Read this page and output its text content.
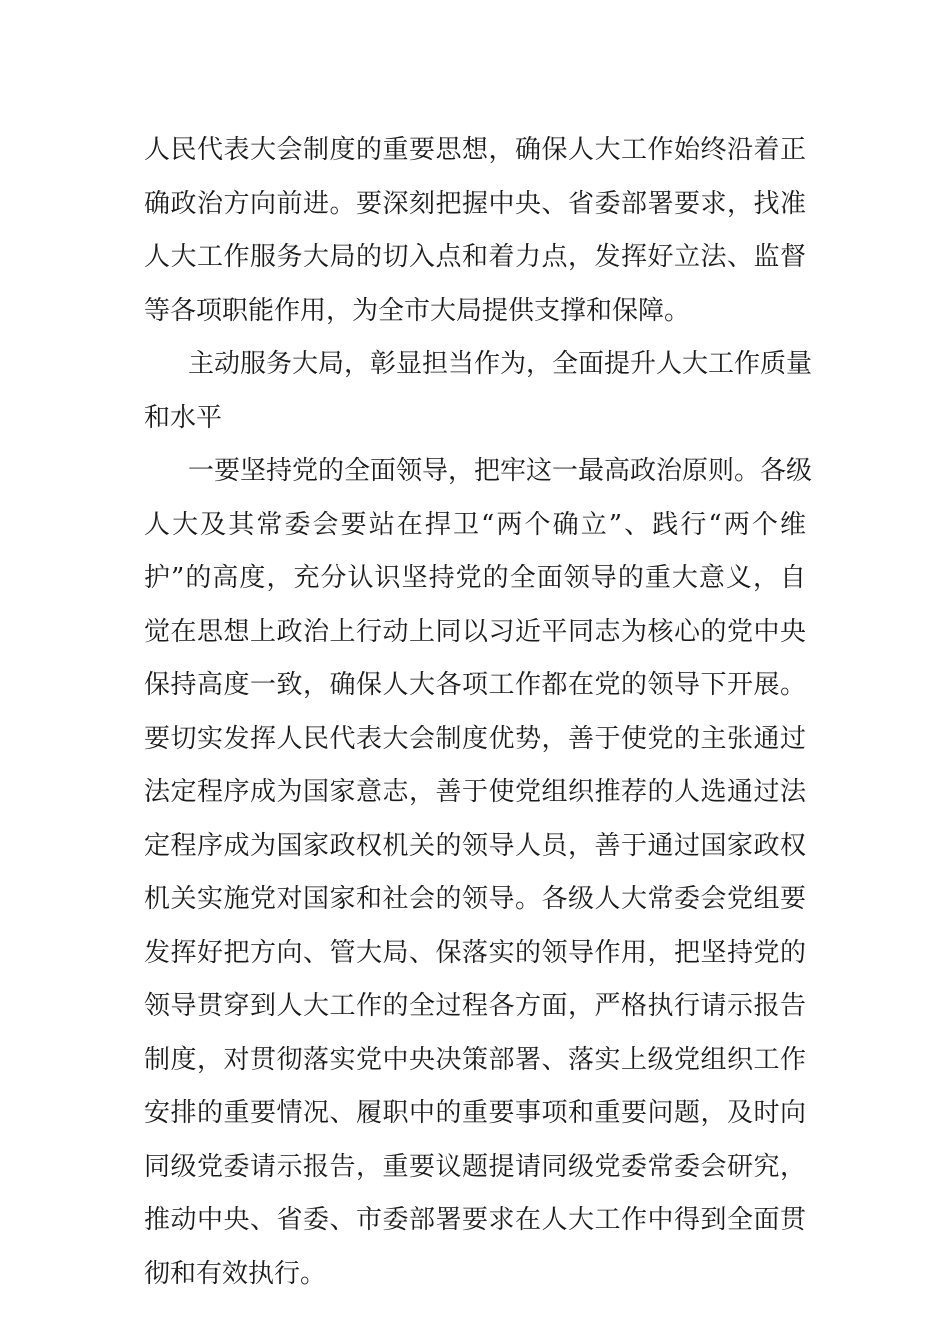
人民代表大会制度的重要思想，确保人大工作始终沿着正
确政治方向前进。要深刻把握中央、省委部署要求，找准
人大工作服务大局的切入点和着力点，发挥好立法、监督
等各项职能作用，为全市大局提供支撑和保障。
主动服务大局，彰显担当作为，全面提升人大工作质量
和水平
一要坚持党的全面领导，把牢这一最高政治原则。各级
人大及其常委会要站在捍卫“两个确立”、践行“两个维
护”的高度，充分认识坚持党的全面领导的重大意义，自
觉在思想上政治上行动上同以习近平同志为核心的党中央
保持高度一致，确保人大各项工作都在党的领导下开展。
要切实发挥人民代表大会制度优势，善于使党的主张通过
法定程序成为国家意志，善于使党组织推荐的人选通过法
定程序成为国家政权机关的领导人员，善于通过国家政权
机关实施党对国家和社会的领导。各级人大常委会党组要
发挥好把方向、管大局、保落实的领导作用，把坚持党的
领导贯穿到人大工作的全过程各方面，严格执行请示报告
制度，对贯彻落实党中央决策部署、落实上级党组织工作
安排的重要情况、履职中的重要事项和重要问题，及时向
同级党委请示报告，重要议题提请同级党委常委会研究，
推动中央、省委、市委部署要求在人大工作中得到全面贯
彻和有效执行。
